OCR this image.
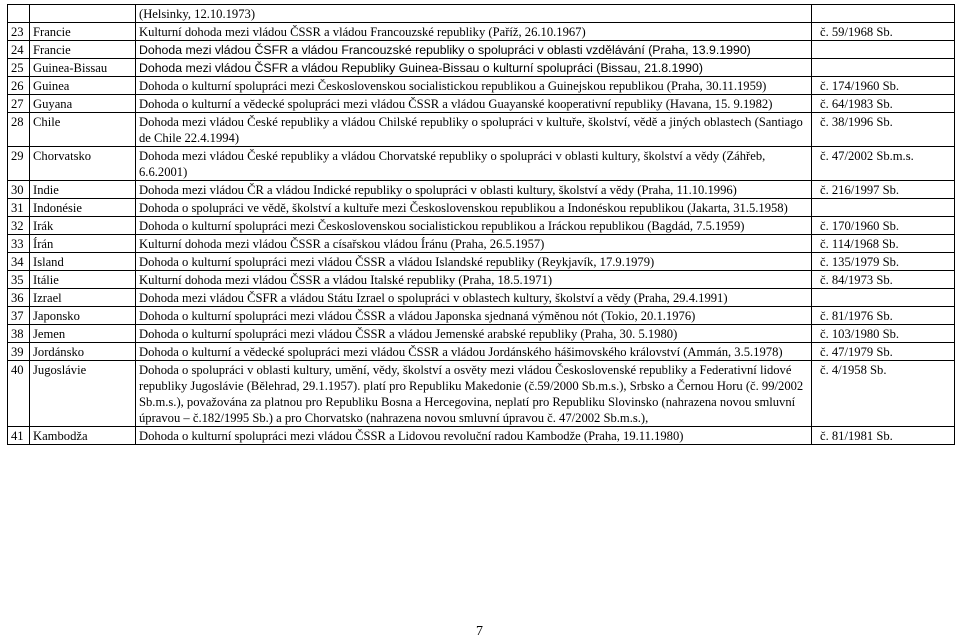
		(Helsinky, 12.10.1973)	
23	Francie	Kulturní dohoda mezi vládou ČSSR a vládou Francouzské republiky (Paříž, 26.10.1967)	č. 59/1968 Sb.
24	Francie	Dohoda mezi vládou ČSFR a vládou Francouzské republiky o spolupráci v oblasti vzdělávání (Praha, 13.9.1990)	
25	Guinea-Bissau	Dohoda mezi vládou ČSFR a vládou Republiky Guinea-Bissau o kulturní spolupráci (Bissau, 21.8.1990)	
26	Guinea	Dohoda o kulturní spolupráci mezi Československou socialistickou republikou a Guinejskou republikou (Praha, 30.11.1959)	č. 174/1960 Sb.
27	Guyana	Dohoda o kulturní a vědecké spolupráci mezi vládou ČSSR a vládou Guayanské kooperativní republiky (Havana, 15. 9.1982)	č. 64/1983 Sb.
28	Chile	Dohoda mezi vládou České republiky a vládou Chilské republiky o spolupráci v kultuře, školství, vědě a jiných oblastech (Santiago de Chile 22.4.1994)	č. 38/1996 Sb.
29	Chorvatsko	Dohoda mezi vládou České republiky a vládou Chorvatské republiky o spolupráci v oblasti kultury, školství a vědy (Záhřeb, 6.6.2001)	č. 47/2002 Sb.m.s.
30	Indie	Dohoda mezi vládou ČR a vládou Indické republiky o spolupráci v oblasti kultury, školství a vědy (Praha, 11.10.1996)	č. 216/1997 Sb.
31	Indonésie	Dohoda o spolupráci ve vědě, školství a kultuře mezi Československou republikou a Indonéskou republikou (Jakarta, 31.5.1958)	
32	Irák	Dohoda o kulturní spolupráci mezi Československou socialistickou republikou a Iráckou republikou (Bagdád, 7.5.1959)	č. 170/1960 Sb.
33	Írán	Kulturní dohoda mezi vládou ČSSR a císařskou vládou Íránu (Praha, 26.5.1957)	č. 114/1968 Sb.
34	Island	Dohoda o kulturní spolupráci mezi vládou ČSSR a vládou Islandské republiky (Reykjavík, 17.9.1979)	č. 135/1979 Sb.
35	Itálie	Kulturní dohoda mezi vládou ČSSR a vládou Italské republiky (Praha, 18.5.1971)	č. 84/1973 Sb.
36	Izrael	Dohoda mezi vládou ČSFR a vládou Státu Izrael o spolupráci v oblastech kultury, školství a vědy (Praha, 29.4.1991)	
37	Japonsko	Dohoda o kulturní spolupráci mezi vládou ČSSR a vládou Japonska sjednaná výměnou nót (Tokio, 20.1.1976)	č. 81/1976 Sb.
38	Jemen	Dohoda o kulturní spolupráci mezi vládou ČSSR a vládou Jemenské arabské republiky (Praha, 30. 5.1980)	č. 103/1980 Sb.
39	Jordánsko	Dohoda o kulturní a vědecké spolupráci mezi vládou ČSSR a vládou Jordánského hášimovského království (Ammán, 3.5.1978)	č. 47/1979 Sb.
40	Jugoslávie	Dohoda o spolupráci v oblasti kultury, umění, vědy, školství a osvěty mezi vládou Československé republiky a Federativní lidové republiky Jugoslávie (Bělehrad, 29.1.1957). platí pro Republiku Makedonie (č.59/2000 Sb.m.s.), Srbsko a Černou Horu (č. 99/2002 Sb.m.s.), považována za platnou pro Republiku Bosna a Hercegovina, neplatí pro Republiku Slovinsko (nahrazena novou smluvní úpravou – č.182/1995 Sb.) a pro Chorvatsko (nahrazena novou smluvní úpravou č. 47/2002 Sb.m.s.),	č. 4/1958 Sb.
41	Kambodža	Dohoda o kulturní spolupráci mezi vládou ČSSR a Lidovou revoluční radou Kambodže (Praha, 19.11.1980)	č. 81/1981 Sb.
7
